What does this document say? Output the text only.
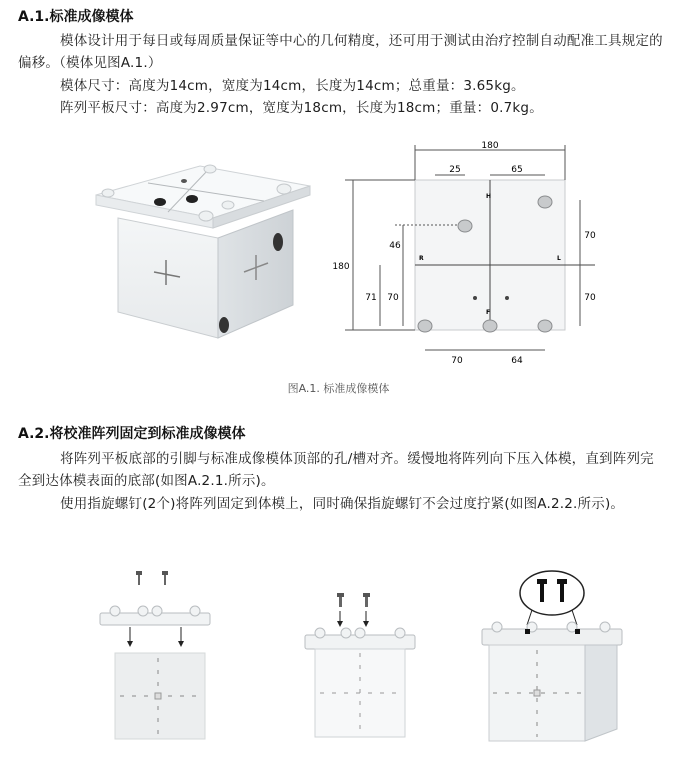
A.1.标准成像模体
模体设计用于每日或每周质量保证等中心的几何精度，还可用于测试由治疗控制自动配准工具规定的偏移。（模体见图A.1.）
模体尺寸：高度为14cm，宽度为14cm，长度为14cm；总重量：3.65kg。
阵列平板尺寸：高度为2.97cm，宽度为18cm，长度为18cm；重量：0.7kg。
180
25	65
180
46
71 70
70
70
70	64
H
R	L
F
图A.1. 标准成像模体
A.2.将校准阵列固定到标准成像模体
将阵列平板底部的引脚与标准成像模体顶部的孔/槽对齐。缓慢地将阵列向下压入体模，直到阵列完全到达体模表面的底部(如图A.2.1.所示)。
使用指旋螺钉(2个)将阵列固定到体模上，同时确保指旋螺钉不会过度拧紧(如图A.2.2.所示)。
